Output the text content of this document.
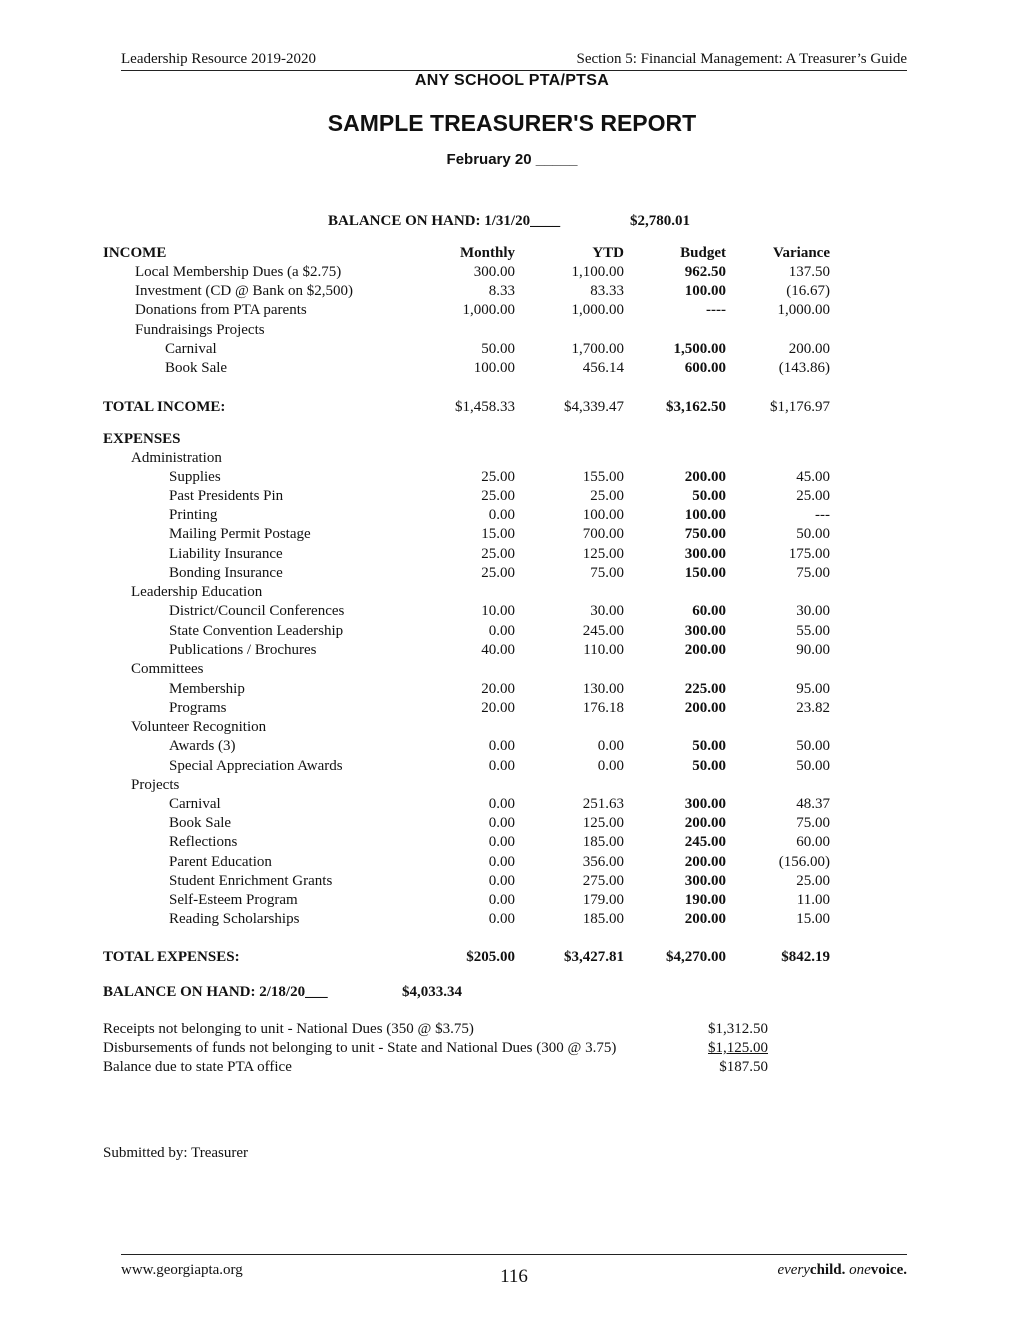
Leadership Resource 2019-2020	Section 5: Financial Management: A Treasurer’s Guide
ANY SCHOOL PTA/PTSA
SAMPLE TREASURER'S REPORT
February 20 _____
BALANCE ON HAND: 1/31/20____	$2,780.01
INCOME	Monthly	YTD	Budget	Variance
Local Membership Dues (a $2.75)	300.00	1,100.00	962.50	137.50
Investment (CD @ Bank on $2,500)	8.33	83.33	100.00	(16.67)
Donations from PTA parents	1,000.00	1,000.00	----	1,000.00
Fundraisings Projects
Carnival	50.00	1,700.00	1,500.00	200.00
Book Sale	100.00	456.14	600.00	(143.86)
TOTAL INCOME:	$1,458.33	$4,339.47	$3,162.50	$1,176.97
EXPENSES
Administration
Supplies	25.00	155.00	200.00	45.00
Past Presidents Pin	25.00	25.00	50.00	25.00
Printing	0.00	100.00	100.00	---
Mailing Permit Postage	15.00	700.00	750.00	50.00
Liability Insurance	25.00	125.00	300.00	175.00
Bonding Insurance	25.00	75.00	150.00	75.00
Leadership Education
District/Council Conferences	10.00	30.00	60.00	30.00
State Convention Leadership	0.00	245.00	300.00	55.00
Publications / Brochures	40.00	110.00	200.00	90.00
Committees
Membership	20.00	130.00	225.00	95.00
Programs	20.00	176.18	200.00	23.82
Volunteer Recognition
Awards (3)	0.00	0.00	50.00	50.00
Special Appreciation Awards	0.00	0.00	50.00	50.00
Projects
Carnival	0.00	251.63	300.00	48.37
Book Sale	0.00	125.00	200.00	75.00
Reflections	0.00	185.00	245.00	60.00
Parent Education	0.00	356.00	200.00	(156.00)
Student Enrichment Grants	0.00	275.00	300.00	25.00
Self-Esteem Program	0.00	179.00	190.00	11.00
Reading Scholarships	0.00	185.00	200.00	15.00
TOTAL EXPENSES:	$205.00	$3,427.81	$4,270.00	$842.19
BALANCE ON HAND: 2/18/20___	$4,033.34
Receipts not belonging to unit - National Dues (350 @ $3.75)	$1,312.50
Disbursements of funds not belonging to unit - State and National Dues (300 @ 3.75)	$1,125.00
Balance due to state PTA office	$187.50
Submitted by: Treasurer
www.georgiapta.org	116	everychild. onevoice.
